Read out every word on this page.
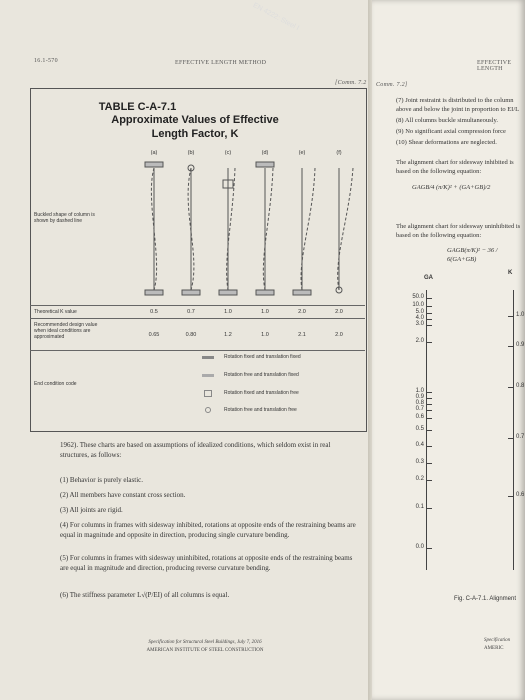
16.1-570	EFFECTIVE LENGTH METHOD
[Comm. 7.2
TABLE C-A-7.1
Approximate Values of Effective
Length Factor, K
(a)	(b)	(c)	(d)	(e)	(f)
Buckled shape of column is shown by dashed line
Theoretical K value	0.5	0.7	1.0	1.0	2.0	2.0
Recommended design value when ideal conditions are approximated	0.65	0.80	1.2	1.0	2.1	2.0
End condition code
Rotation fixed and translation fixed
Rotation free and translation fixed
Rotation fixed and translation free
Rotation free and translation free
1962). These charts are based on assumptions of idealized conditions, which seldom exist in real structures, as follows:
(1) Behavior is purely elastic.
(2) All members have constant cross section.
(3) All joints are rigid.
(4) For columns in frames with sidesway inhibited, rotations at opposite ends of the restraining beams are equal in magnitude and opposite in direction, producing single curvature bending.
(5) For columns in frames with sidesway uninhibited, rotations at opposite ends of the restraining beams are equal in magnitude and direction, producing reverse curvature bending.
(6) The stiffness parameter L√(P/EI) of all columns is equal.
Specification for Structural Steel Buildings, July 7, 2016
AMERICAN INSTITUTE OF STEEL CONSTRUCTION
EN 4222: Steel I
EFFECTIVE LENGTH
Comm. 7.2]
(7) Joint restraint is distributed to the column above and below the joint in proportion to EI/L
(8) All columns buckle simultaneously.
(9) No significant axial compression force
(10) Shear deformations are neglected.
The alignment chart for sidesway inhibited is based on the following equation:
GAGB/4 (π/K)² + (GA+GB)/2
The alignment chart for sidesway uninhibited is based on the following equation:
GAGB(π/K)² − 36 / 6(GA+GB)
GA
K
Fig. C-A-7.1. Alignment
Specification
AMERIC
50.0
10.0
5.0
4.0
3.0
2.0
1.0
0.9
0.8
0.7
0.6
0.5
0.4
0.3
0.2
0.1
0.0
1.0
0.9
0.8
0.7
0.6
